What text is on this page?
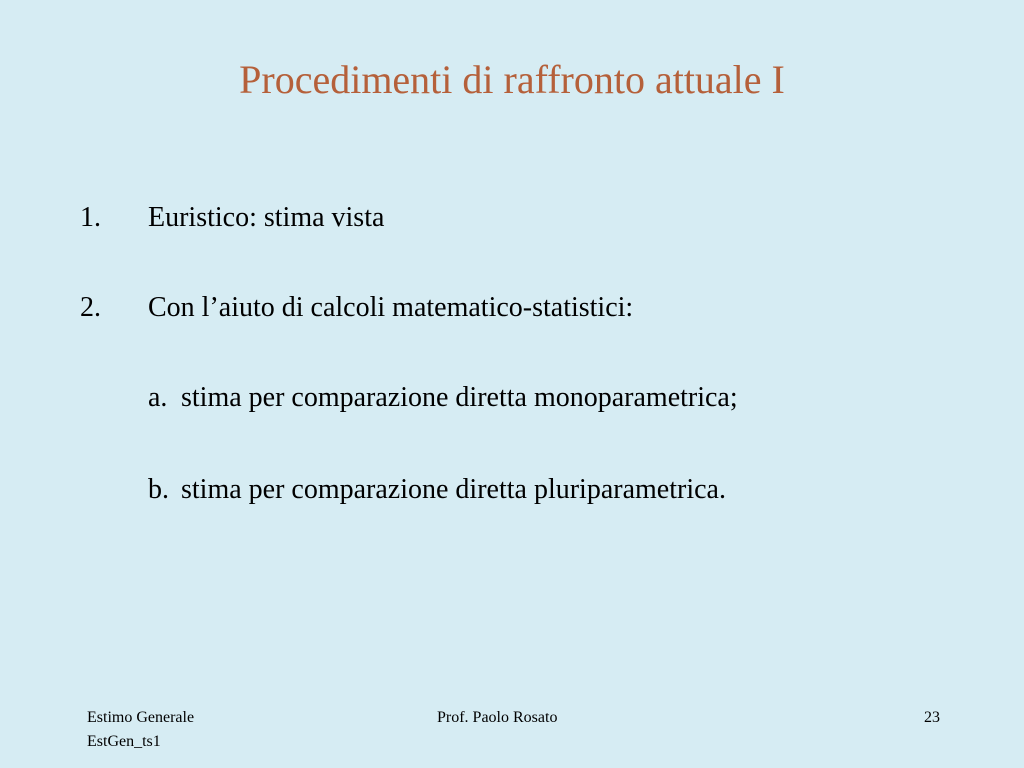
Procedimenti di raffronto attuale I
1. Euristico: stima vista
2. Con l’aiuto di calcoli matematico-statistici:
a. stima per comparazione diretta monoparametrica;
b. stima per comparazione diretta pluriparametrica.
Estimo Generale
EstGen_ts1
Prof. Paolo Rosato	23
